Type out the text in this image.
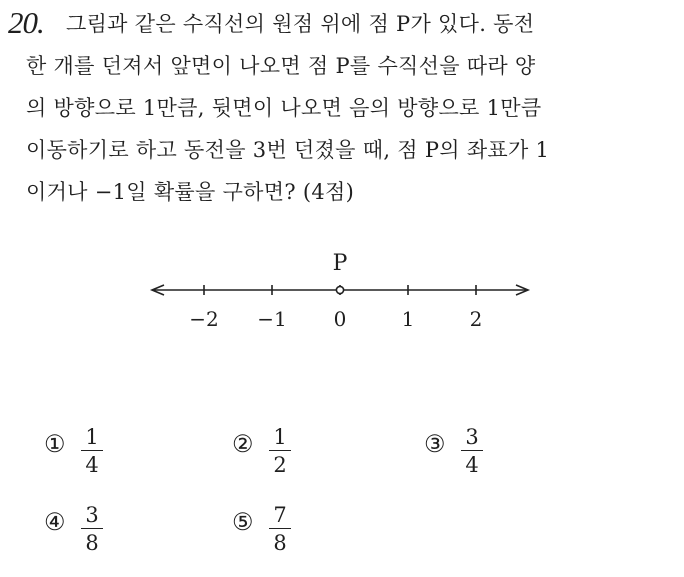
20. 그림과 같은 수직선의 원점 위에 점 P가 있다. 동전
한 개를 던져서 앞면이 나오면 점 P를 수직선을 따라 양
의 방향으로 1만큼, 뒷면이 나오면 음의 방향으로 1만큼
이동하기로 하고 동전을 3번 던졌을 때, 점 P의 좌표가 1
이거나 −1일 확률을 구하면? (4점)
−2 −1 0	1	2
P
① 1
4
② 1
2
③ 3
4
④ 3
8
⑤ 7
8
